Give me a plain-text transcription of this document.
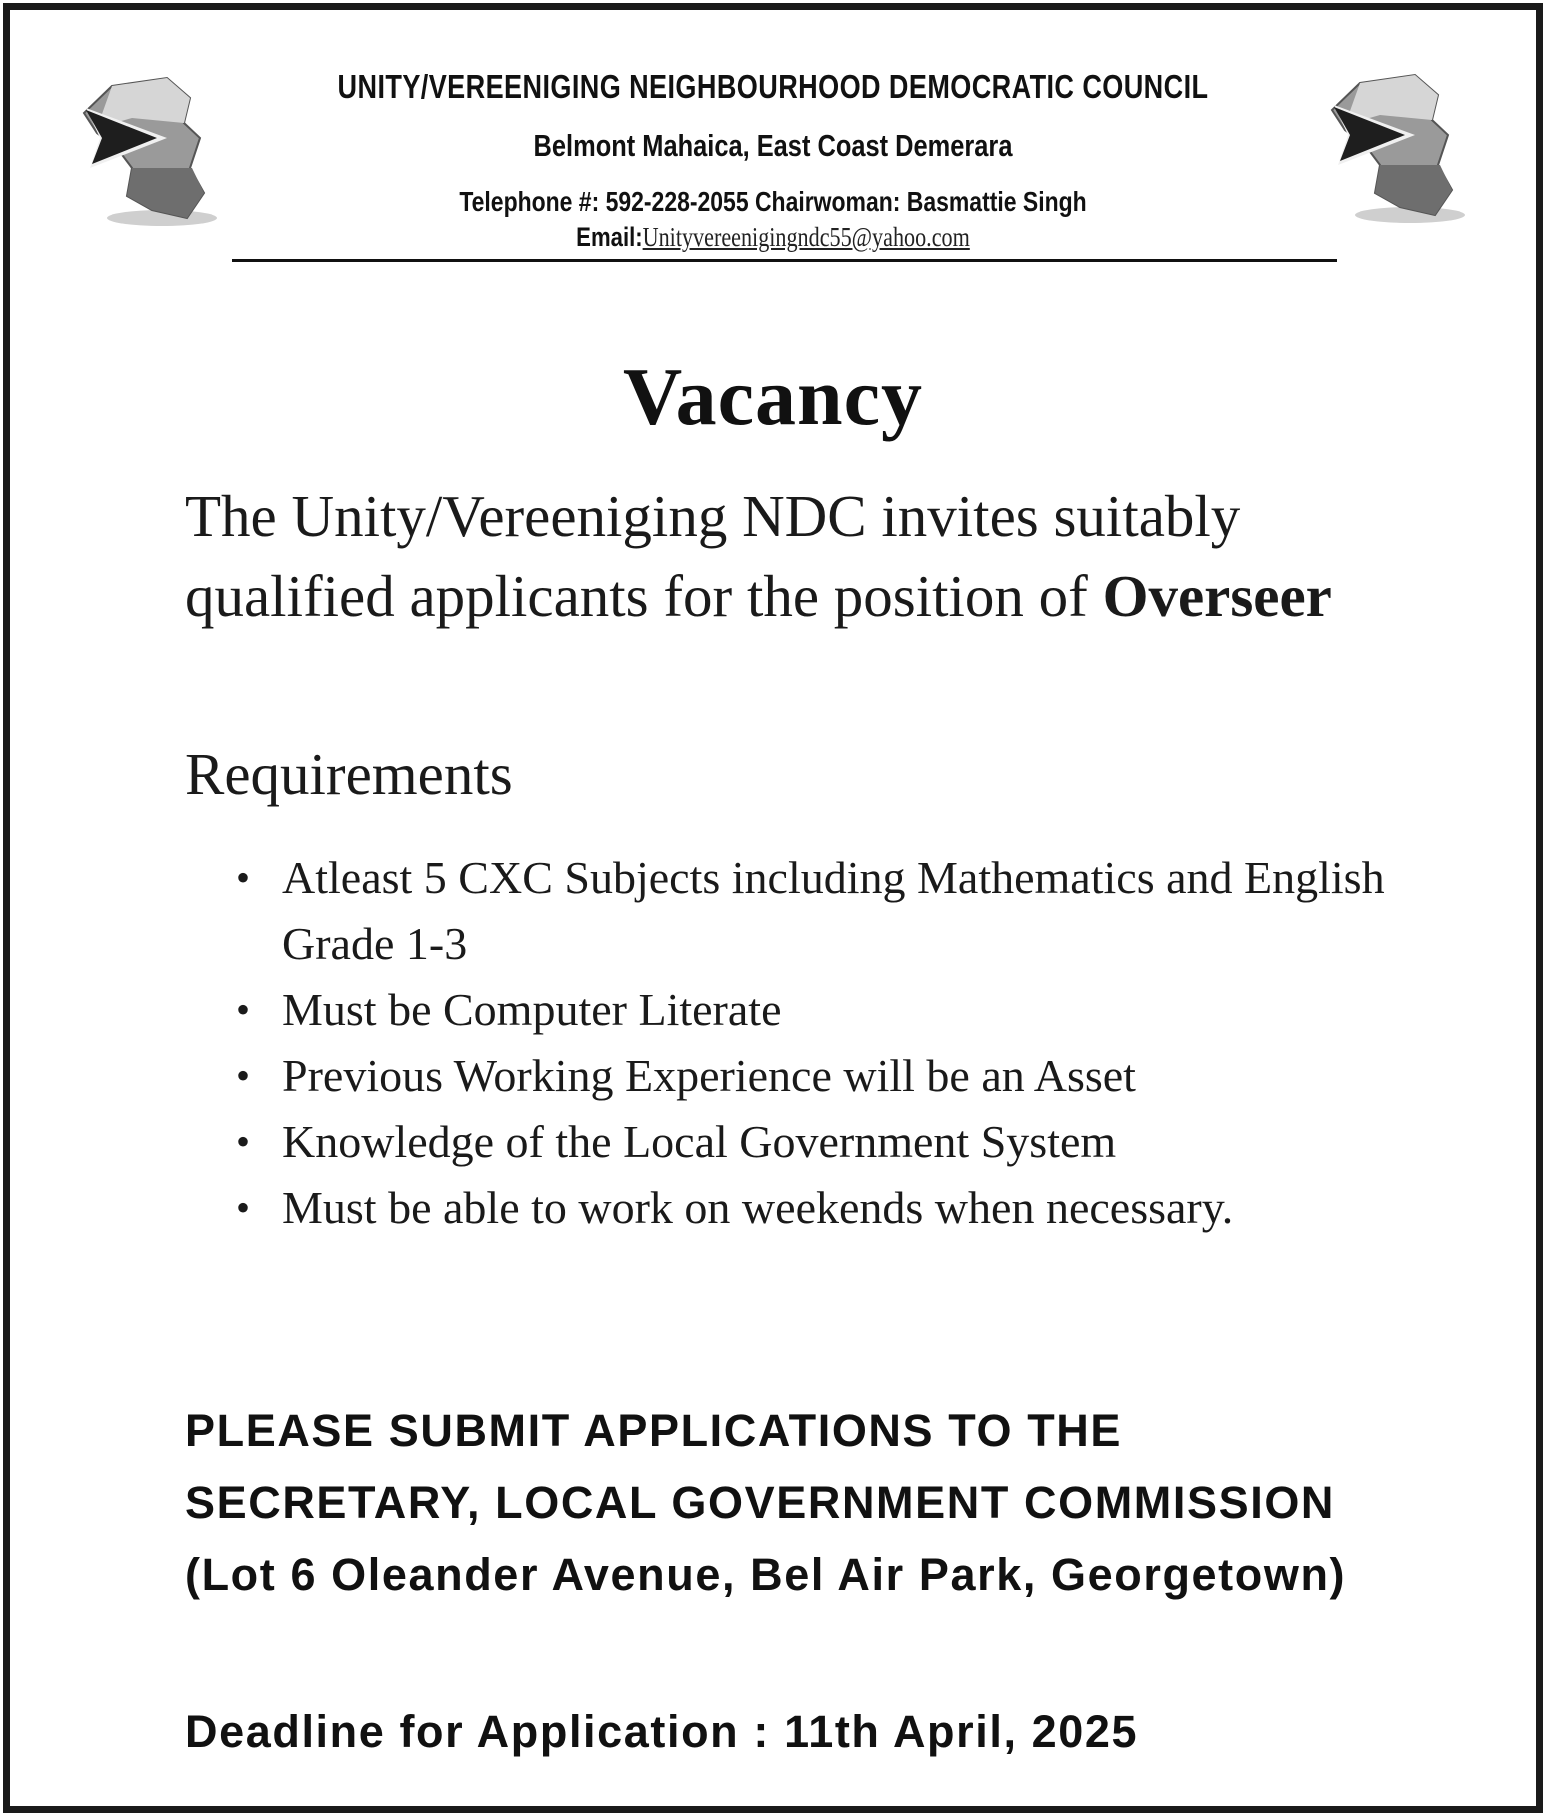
UNITY/VEREENIGING NEIGHBOURHOOD DEMOCRATIC COUNCIL
Belmont Mahaica, East Coast Demerara
Telephone #: 592-228-2055 Chairwoman: Basmattie Singh
Email:Unityvereenigingndc55@yahoo.com
Vacancy
The Unity/Vereeniging NDC invites suitably qualified applicants for the position of Overseer
Requirements
• Atleast 5 CXC Subjects including Mathematics and English Grade 1-3
• Must be Computer Literate
• Previous Working Experience will be an Asset
• Knowledge of the Local Government System
• Must be able to work on weekends when necessary.
PLEASE SUBMIT APPLICATIONS TO THE SECRETARY, LOCAL GOVERNMENT COMMISSION (Lot 6 Oleander Avenue, Bel Air Park, Georgetown)
Deadline for Application : 11th April, 2025
